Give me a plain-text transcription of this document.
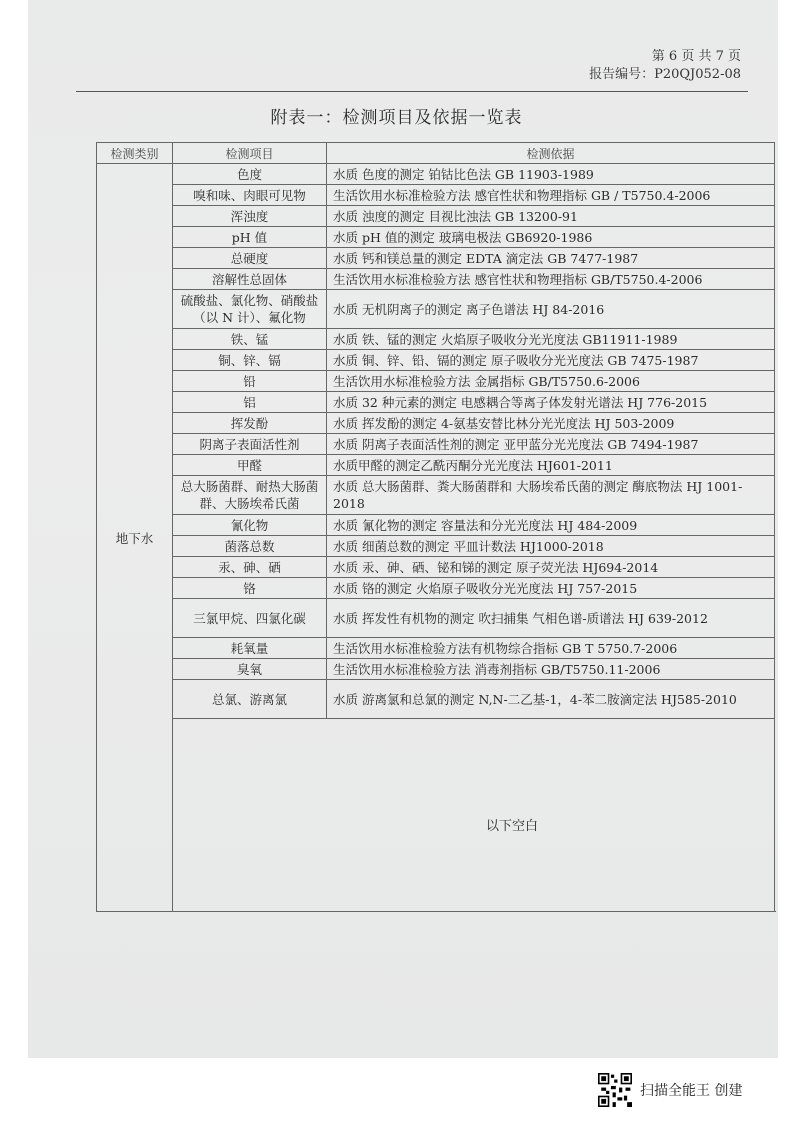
第 6 页 共 7 页
报告编号：P20QJ052-08
附表一：检测项目及依据一览表
检测类别	检测项目	检测依据
地下水	色度	水质 色度的测定 铂钴比色法 GB 11903-1989
	嗅和味、肉眼可见物	生活饮用水标准检验方法 感官性状和物理指标 GB / T5750.4-2006
	浑浊度	水质 浊度的测定 目视比浊法 GB 13200-91
	pH 值	水质 pH 值的测定 玻璃电极法 GB6920-1986
	总硬度	水质 钙和镁总量的测定 EDTA 滴定法 GB 7477-1987
	溶解性总固体	生活饮用水标准检验方法 感官性状和物理指标 GB/T5750.4-2006
	硫酸盐、氯化物、硝酸盐（以 N 计）、氟化物	水质 无机阴离子的测定 离子色谱法 HJ 84-2016
	铁、锰	水质 铁、锰的测定 火焰原子吸收分光光度法 GB11911-1989
	铜、锌、镉	水质 铜、锌、铅、镉的测定 原子吸收分光光度法 GB 7475-1987
	铅	生活饮用水标准检验方法 金属指标 GB/T5750.6-2006
	铝	水质 32 种元素的测定 电感耦合等离子体发射光谱法 HJ 776-2015
	挥发酚	水质 挥发酚的测定 4-氨基安替比林分光光度法 HJ 503-2009
	阴离子表面活性剂	水质 阴离子表面活性剂的测定 亚甲蓝分光光度法 GB 7494-1987
	甲醛	水质甲醛的测定乙酰丙酮分光光度法 HJ601-2011
	总大肠菌群、耐热大肠菌群、大肠埃希氏菌	水质 总大肠菌群、粪大肠菌群和 大肠埃希氏菌的测定 酶底物法 HJ 1001-2018
	氰化物	水质 氰化物的测定 容量法和分光光度法 HJ 484-2009
	菌落总数	水质 细菌总数的测定 平皿计数法 HJ1000-2018
	汞、砷、硒	水质 汞、砷、硒、铋和锑的测定 原子荧光法 HJ694-2014
	铬	水质 铬的测定 火焰原子吸收分光光度法 HJ 757-2015
	三氯甲烷、四氯化碳	水质 挥发性有机物的测定 吹扫捕集 气相色谱-质谱法 HJ 639-2012
	耗氧量	生活饮用水标准检验方法有机物综合指标 GB T 5750.7-2006
	臭氧	生活饮用水标准检验方法 消毒剂指标 GB/T5750.11-2006
	总氯、游离氯	水质 游离氯和总氯的测定 N,N-二乙基-1，4-苯二胺滴定法 HJ585-2010

	以下空白	
扫描全能王 创建
